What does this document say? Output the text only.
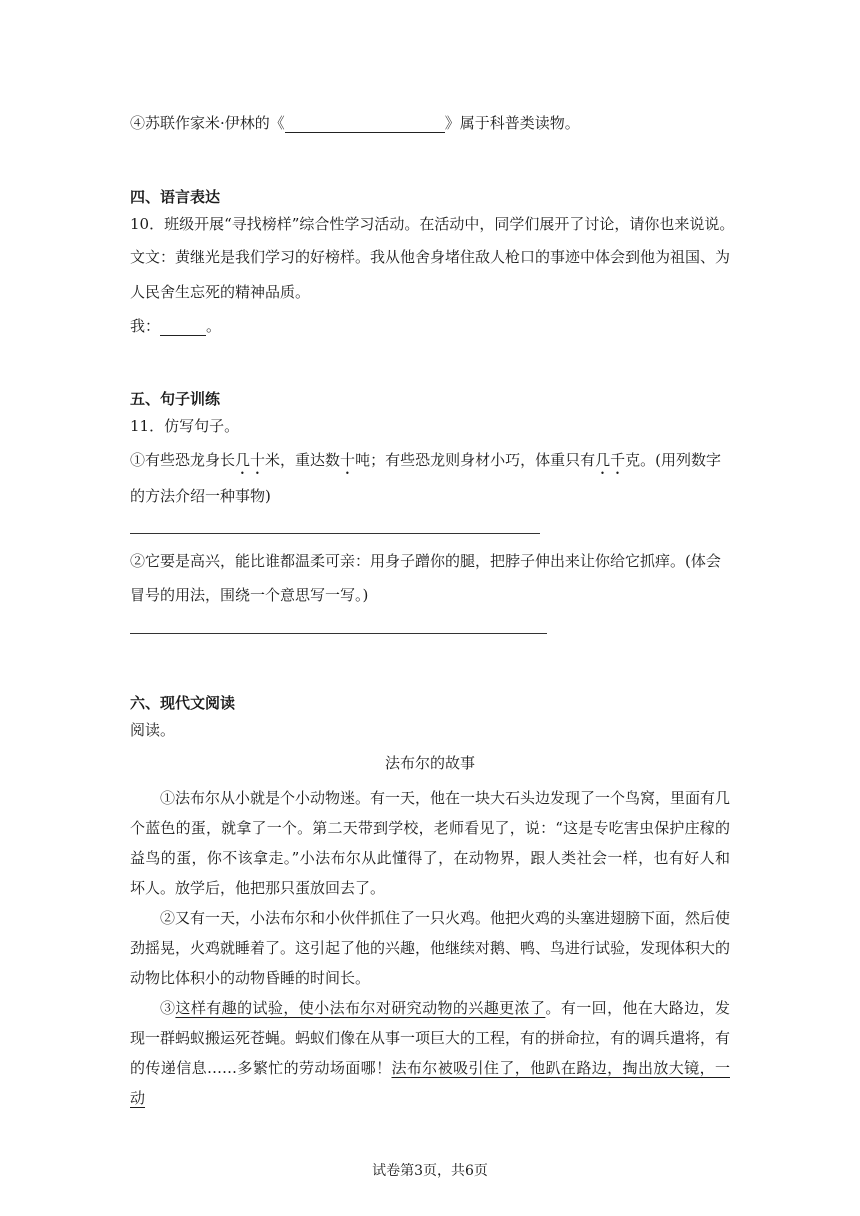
④苏联作家米·伊林的《	》属于科普类读物。
四、语言表达
10．班级开展“寻找榜样”综合性学习活动。在活动中，同学们展开了讨论，请你也来说说。
文文：黄继光是我们学习的好榜样。我从他舍身堵住敌人枪口的事迹中体会到他为祖国、为
人民舍生忘死的精神品质。
我：	。
五、句子训练
11．仿写句子。
①有些恐龙身长几十米，重达数十吨；有些恐龙则身材小巧，体重只有几千克。(用列数字
的方法介绍一种事物)
②它要是高兴，能比谁都温柔可亲：用身子蹭你的腿，把脖子伸出来让你给它抓痒。(体会
冒号的用法，围绕一个意思写一写。)
六、现代文阅读
阅读。
法布尔的故事

①法布尔从小就是个小动物迷。有一天，他在一块大石头边发现了一个鸟窝，里面有几个蓝色的蛋，就拿了一个。第二天带到学校，老师看见了，说：“这是专吃害虫保护庄稼的益鸟的蛋，你不该拿走。”小法布尔从此懂得了，在动物界，跟人类社会一样，也有好人和坏人。放学后，他把那只蛋放回去了。

②又有一天，小法布尔和小伙伴抓住了一只火鸡。他把火鸡的头塞进翅膀下面，然后使劲摇晃，火鸡就睡着了。这引起了他的兴趣，他继续对鹅、鸭、鸟进行试验，发现体积大的动物比体积小的动物昏睡的时间长。

③这样有趣的试验，使小法布尔对研究动物的兴趣更浓了。有一回，他在大路边，发现一群蚂蚁搬运死苍蝇。蚂蚁们像在从事一项巨大的工程，有的拼命拉，有的调兵遣将，有的传递信息……多繁忙的劳动场面哪！法布尔被吸引住了，他趴在路边，掏出放大镜，一动

试卷第3页，共6页
